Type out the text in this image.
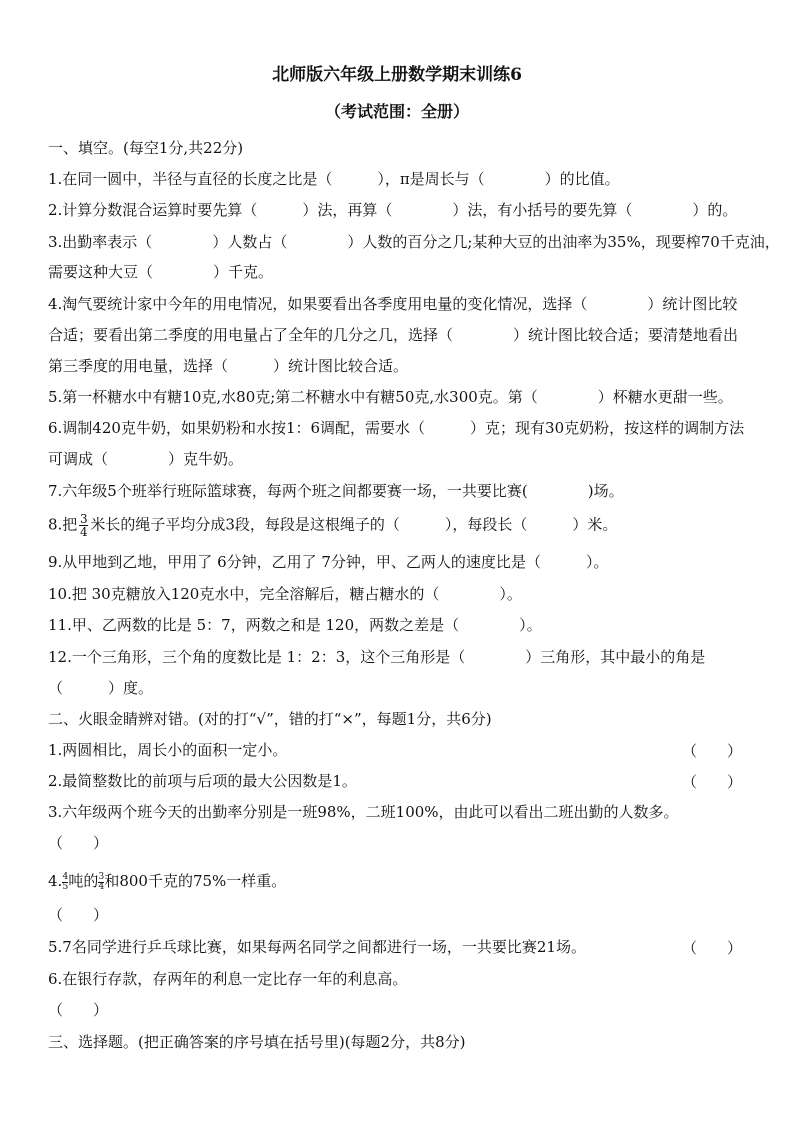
北师版六年级上册数学期末训练6
（考试范围：全册）
一、填空。(每空1分,共22分)
1.在同一圆中，半径与直径的长度之比是（　　　），π是周长与（　　　　）的比值。
2.计算分数混合运算时要先算（　　　）法，再算（　　　　）法，有小括号的要先算（　　　　）的。
3.出勤率表示（　　　　）人数占（　　　　）人数的百分之几;某种大豆的出油率为35%，现要榨70千克油，
需要这种大豆（　　　　）千克。
4.淘气要统计家中今年的用电情况，如果要看出各季度用电量的变化情况，选择（　　　　）统计图比较
合适；要看出第二季度的用电量占了全年的几分之几，选择（　　　　）统计图比较合适；要清楚地看出
第三季度的用电量，选择（　　　）统计图比较合适。
5.第一杯糖水中有糖10克,水80克;第二杯糖水中有糖50克,水300克。第（　　　　）杯糖水更甜一些。
6.调制420克牛奶，如果奶粉和水按1：6调配，需要水（　　　）克；现有30克奶粉，按这样的调制方法
可调成（　　　　）克牛奶。
7.六年级5个班举行班际篮球赛，每两个班之间都要赛一场，一共要比赛(　　　　)场。
8.把 $\frac{3}{4}$ 米长的绳子平均分成3段，每段是这根绳子的（　　　），每段长（　　　）米。
9.从甲地到乙地，甲用了 6分钟，乙用了 7分钟，甲、乙两人的速度比是（　　　）。
10.把 30克糖放入120克水中，完全溶解后，糖占糖水的（　　　　）。
11.甲、乙两数的比是 5：7，两数之和是 120，两数之差是（　　　　）。
12.一个三角形，三个角的度数比是 1：2：3，这个三角形是（　　　　）三角形，其中最小的角是
（　　　）度。
二、火眼金睛辨对错。(对的打“√”，错的打“×”，每题1分，共6分)
1.两圆相比，周长小的面积一定小。	（　　）
2.最简整数比的前项与后项的最大公因数是1。	（　　）
3.六年级两个班今天的出勤率分别是一班98%，二班100%，由此可以看出二班出勤的人数多。
（　　）
4. $\frac{4}{5}$ 吨的 $\frac{3}{4}$ 和800千克的75%一样重。
（　　）
5.7名同学进行乒乓球比赛，如果每两名同学之间都进行一场，一共要比赛21场。	（　　）
6.在银行存款，存两年的利息一定比存一年的利息高。
（　　）
三、选择题。(把正确答案的序号填在括号里)(每题2分，共8分)
